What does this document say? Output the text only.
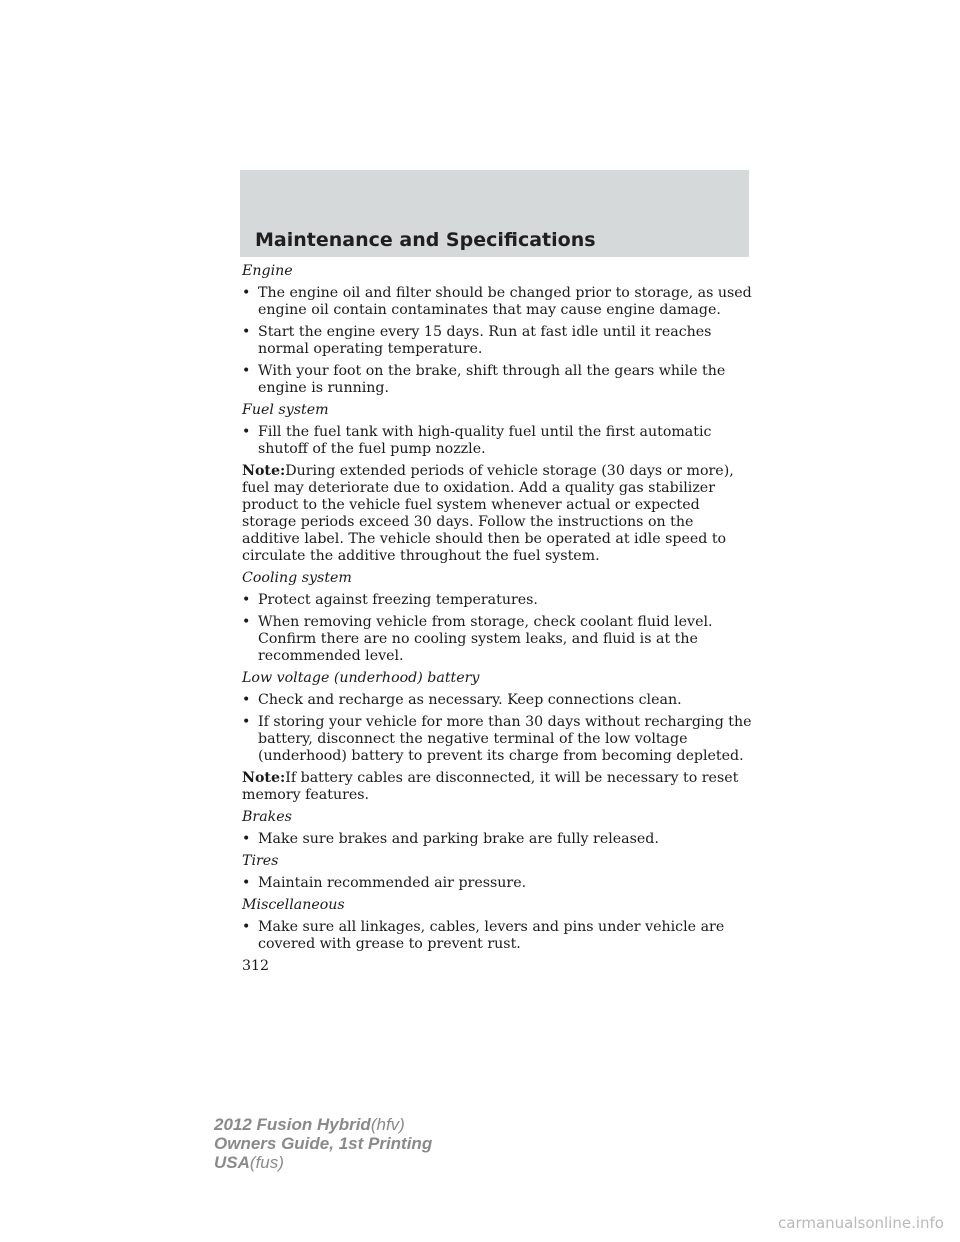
Maintenance and Specifications
Engine
• The engine oil and filter should be changed prior to storage, as used engine oil contain contaminates that may cause engine damage.
• Start the engine every 15 days. Run at fast idle until it reaches normal operating temperature.
• With your foot on the brake, shift through all the gears while the engine is running.
Fuel system
• Fill the fuel tank with high-quality fuel until the first automatic shutoff of the fuel pump nozzle.
Note:During extended periods of vehicle storage (30 days or more), fuel may deteriorate due to oxidation. Add a quality gas stabilizer product to the vehicle fuel system whenever actual or expected storage periods exceed 30 days. Follow the instructions on the additive label. The vehicle should then be operated at idle speed to circulate the additive throughout the fuel system.
Cooling system
• Protect against freezing temperatures.
• When removing vehicle from storage, check coolant fluid level. Confirm there are no cooling system leaks, and fluid is at the recommended level.
Low voltage (underhood) battery
• Check and recharge as necessary. Keep connections clean.
• If storing your vehicle for more than 30 days without recharging the battery, disconnect the negative terminal of the low voltage (underhood) battery to prevent its charge from becoming depleted.
Note:If battery cables are disconnected, it will be necessary to reset memory features.
Brakes
• Make sure brakes and parking brake are fully released.
Tires
• Maintain recommended air pressure.
Miscellaneous
• Make sure all linkages, cables, levers and pins under vehicle are covered with grease to prevent rust.
312
2012 Fusion Hybrid(hfv)
Owners Guide, 1st Printing
USA(fus)
carmanualsonline.info
